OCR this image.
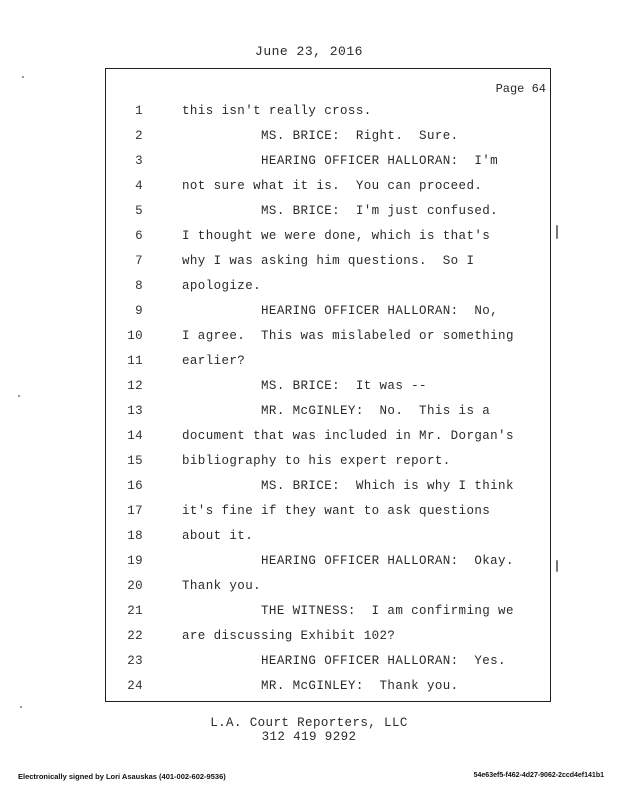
June 23, 2016
Page 64
1	this isn't really cross.
2	MS. BRICE:  Right.  Sure.
3	HEARING OFFICER HALLORAN:  I'm
4	not sure what it is.  You can proceed.
5	MS. BRICE:  I'm just confused.
6	I thought we were done, which is that's
7	why I was asking him questions.  So I
8	apologize.
9	HEARING OFFICER HALLORAN:  No,
10	I agree.  This was mislabeled or something
11	earlier?
12	MS. BRICE:  It was --
13	MR. McGINLEY:  No.  This is a
14	document that was included in Mr. Dorgan's
15	bibliography to his expert report.
16	MS. BRICE:  Which is why I think
17	it's fine if they want to ask questions
18	about it.
19	HEARING OFFICER HALLORAN:  Okay.
20	Thank you.
21	THE WITNESS:  I am confirming we
22	are discussing Exhibit 102?
23	HEARING OFFICER HALLORAN:  Yes.
24	MR. McGINLEY:  Thank you.
L.A. Court Reporters, LLC
312 419 9292
Electronically signed by Lori Asauskas (401-002-602-9536)	54e63ef5-f462-4d27-9062-2ccd4ef141b1
